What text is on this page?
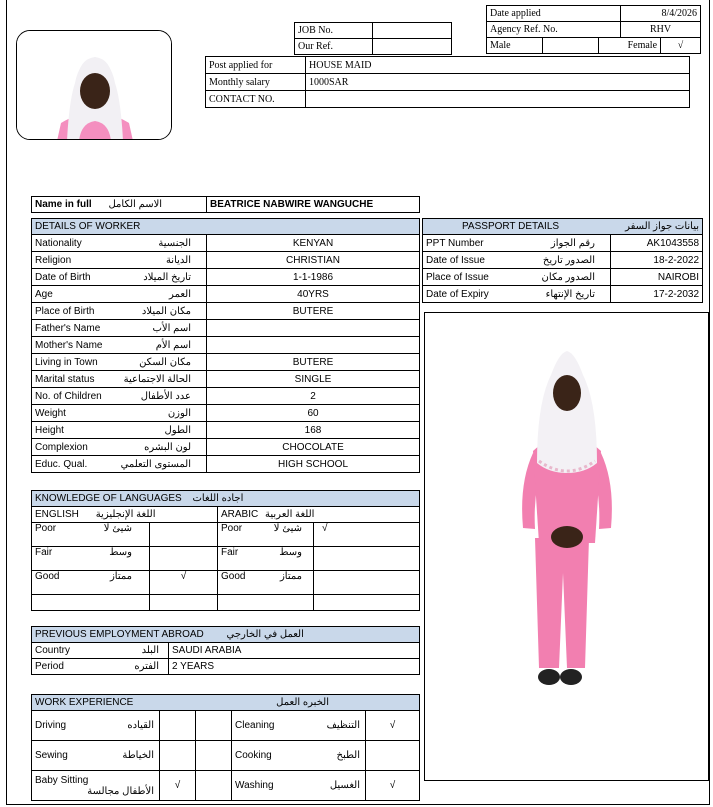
JOB No.	
Our Ref.	
Date applied			8/4/2026	
Agency Ref. No.			RHV	
Male		Female		√
Post applied for	HOUSE MAID
Monthly salary	1000SAR
CONTACT NO.	
Name in full الاسم الكامل	BEATRICE NABWIRE WANGUCHE
DETAILS OF WORKER	
Nationality الجنسية	KENYAN
Religion الديانة	CHRISTIAN
Date of Birth تاريخ الميلاد	1-1-1986
Age العمر	40YRS
Place of Birth مكان الميلاد	BUTERE
Father's Name اسم الأب	

Mother's Name اسم الأم	

Living in Town مكان السكن	BUTERE
Marital status الحالة الاجتماعية	SINGLE
No. of Children عدد الأطفال	2
Weight الوزن	60
Height الطول	168
Complexion لون البشره	CHOCOLATE
Educ. Qual. المستوى التعلمي	HIGH SCHOOL
PASSPORT DETAILS بيانات جواز السفر	

PPT Number رقم الجواز	AK1043558
Date of Issue الصدور تاريخ	18-2-2022
Place of Issue الصدور مكان	NAIROBI
Date of Expiry تاريخ الإنتهاء	17-2-2032
KNOWLEDGE OF LANGUAGES اجاده اللغات			
ENGLISH اللغة الإنجليزية		ARABIC اللغة العربية	
Poor شيئ لا		Poor شيئ لا	√
Fair وسط		Fair وسط	

Good ممتاز	√	Good ممتاز	

PREVIOUS EMPLOYMENT ABROAD العمل في الخارجي	
Country البلد	SAUDI ARABIA
Period الفتره	2 YEARS
WORK EXPERIENCE الخبره العمل				
Driving القياده			Cleaning التنظيف	√
Sewing الخياطة			Cooking الطبخ	

Baby Sitting
الأطفال مجالسة	√		Washing الغسيل	√
